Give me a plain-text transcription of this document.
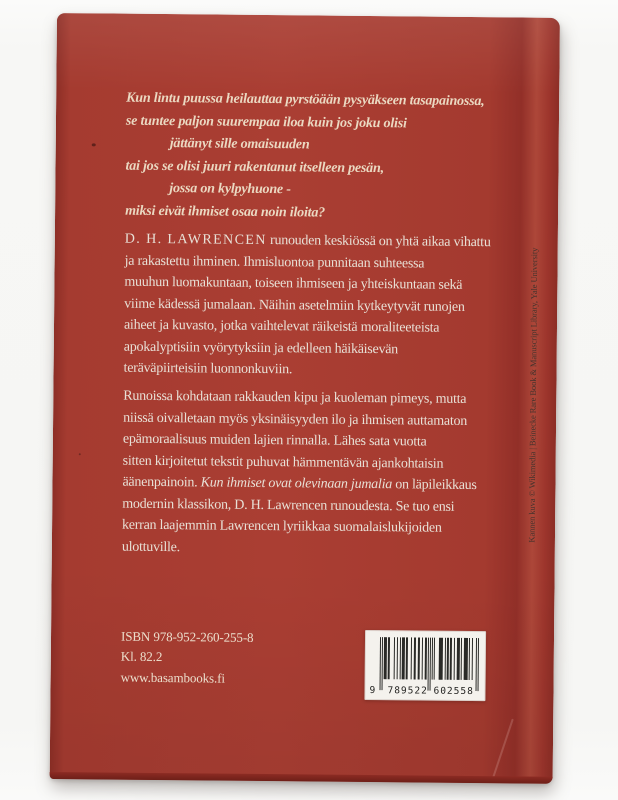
Kun lintu puussa heilauttaa pyrstöään pysyäkseen tasapainossa,
se tuntee paljon suurempaa iloa kuin jos joku olisi
jättänyt sille omaisuuden
tai jos se olisi juuri rakentanut itselleen pesän,
jossa on kylpyhuone -
miksi eivät ihmiset osaa noin iloita?
D. H. LAWRENCEN runouden keskiössä on yhtä aikaa vihattu
ja rakastettu ihminen. Ihmisluontoa punnitaan suhteessa
muuhun luomakuntaan, toiseen ihmiseen ja yhteiskuntaan sekä
viime kädessä jumalaan. Näihin asetelmiin kytkeytyvät runojen
aiheet ja kuvasto, jotka vaihtelevat räikeistä moraliteeteista
apokalyptisiin vyörytyksiin ja edelleen häikäisevän
teräväpiirteisiin luonnonkuviin.
Runoissa kohdataan rakkauden kipu ja kuoleman pimeys, mutta
niissä oivalletaan myös yksinäisyyden ilo ja ihmisen auttamaton
epämoraalisuus muiden lajien rinnalla. Lähes sata vuotta
sitten kirjoitetut tekstit puhuvat hämmentävän ajankohtaisin
äänenpainoin. Kun ihmiset ovat olevinaan jumalia on läpileikkaus
modernin klassikon, D. H. Lawrencen runoudesta. Se tuo ensi
kerran laajemmin Lawrencen lyriikkaa suomalaislukijoiden
ulottuville.
ISBN 978-952-260-255-8
Kl. 82.2
www.basambooks.fi
9 789522 602558
Kannen kuva © Wikimedia | Beinecke Rare Book & Manuscript Library, Yale University
